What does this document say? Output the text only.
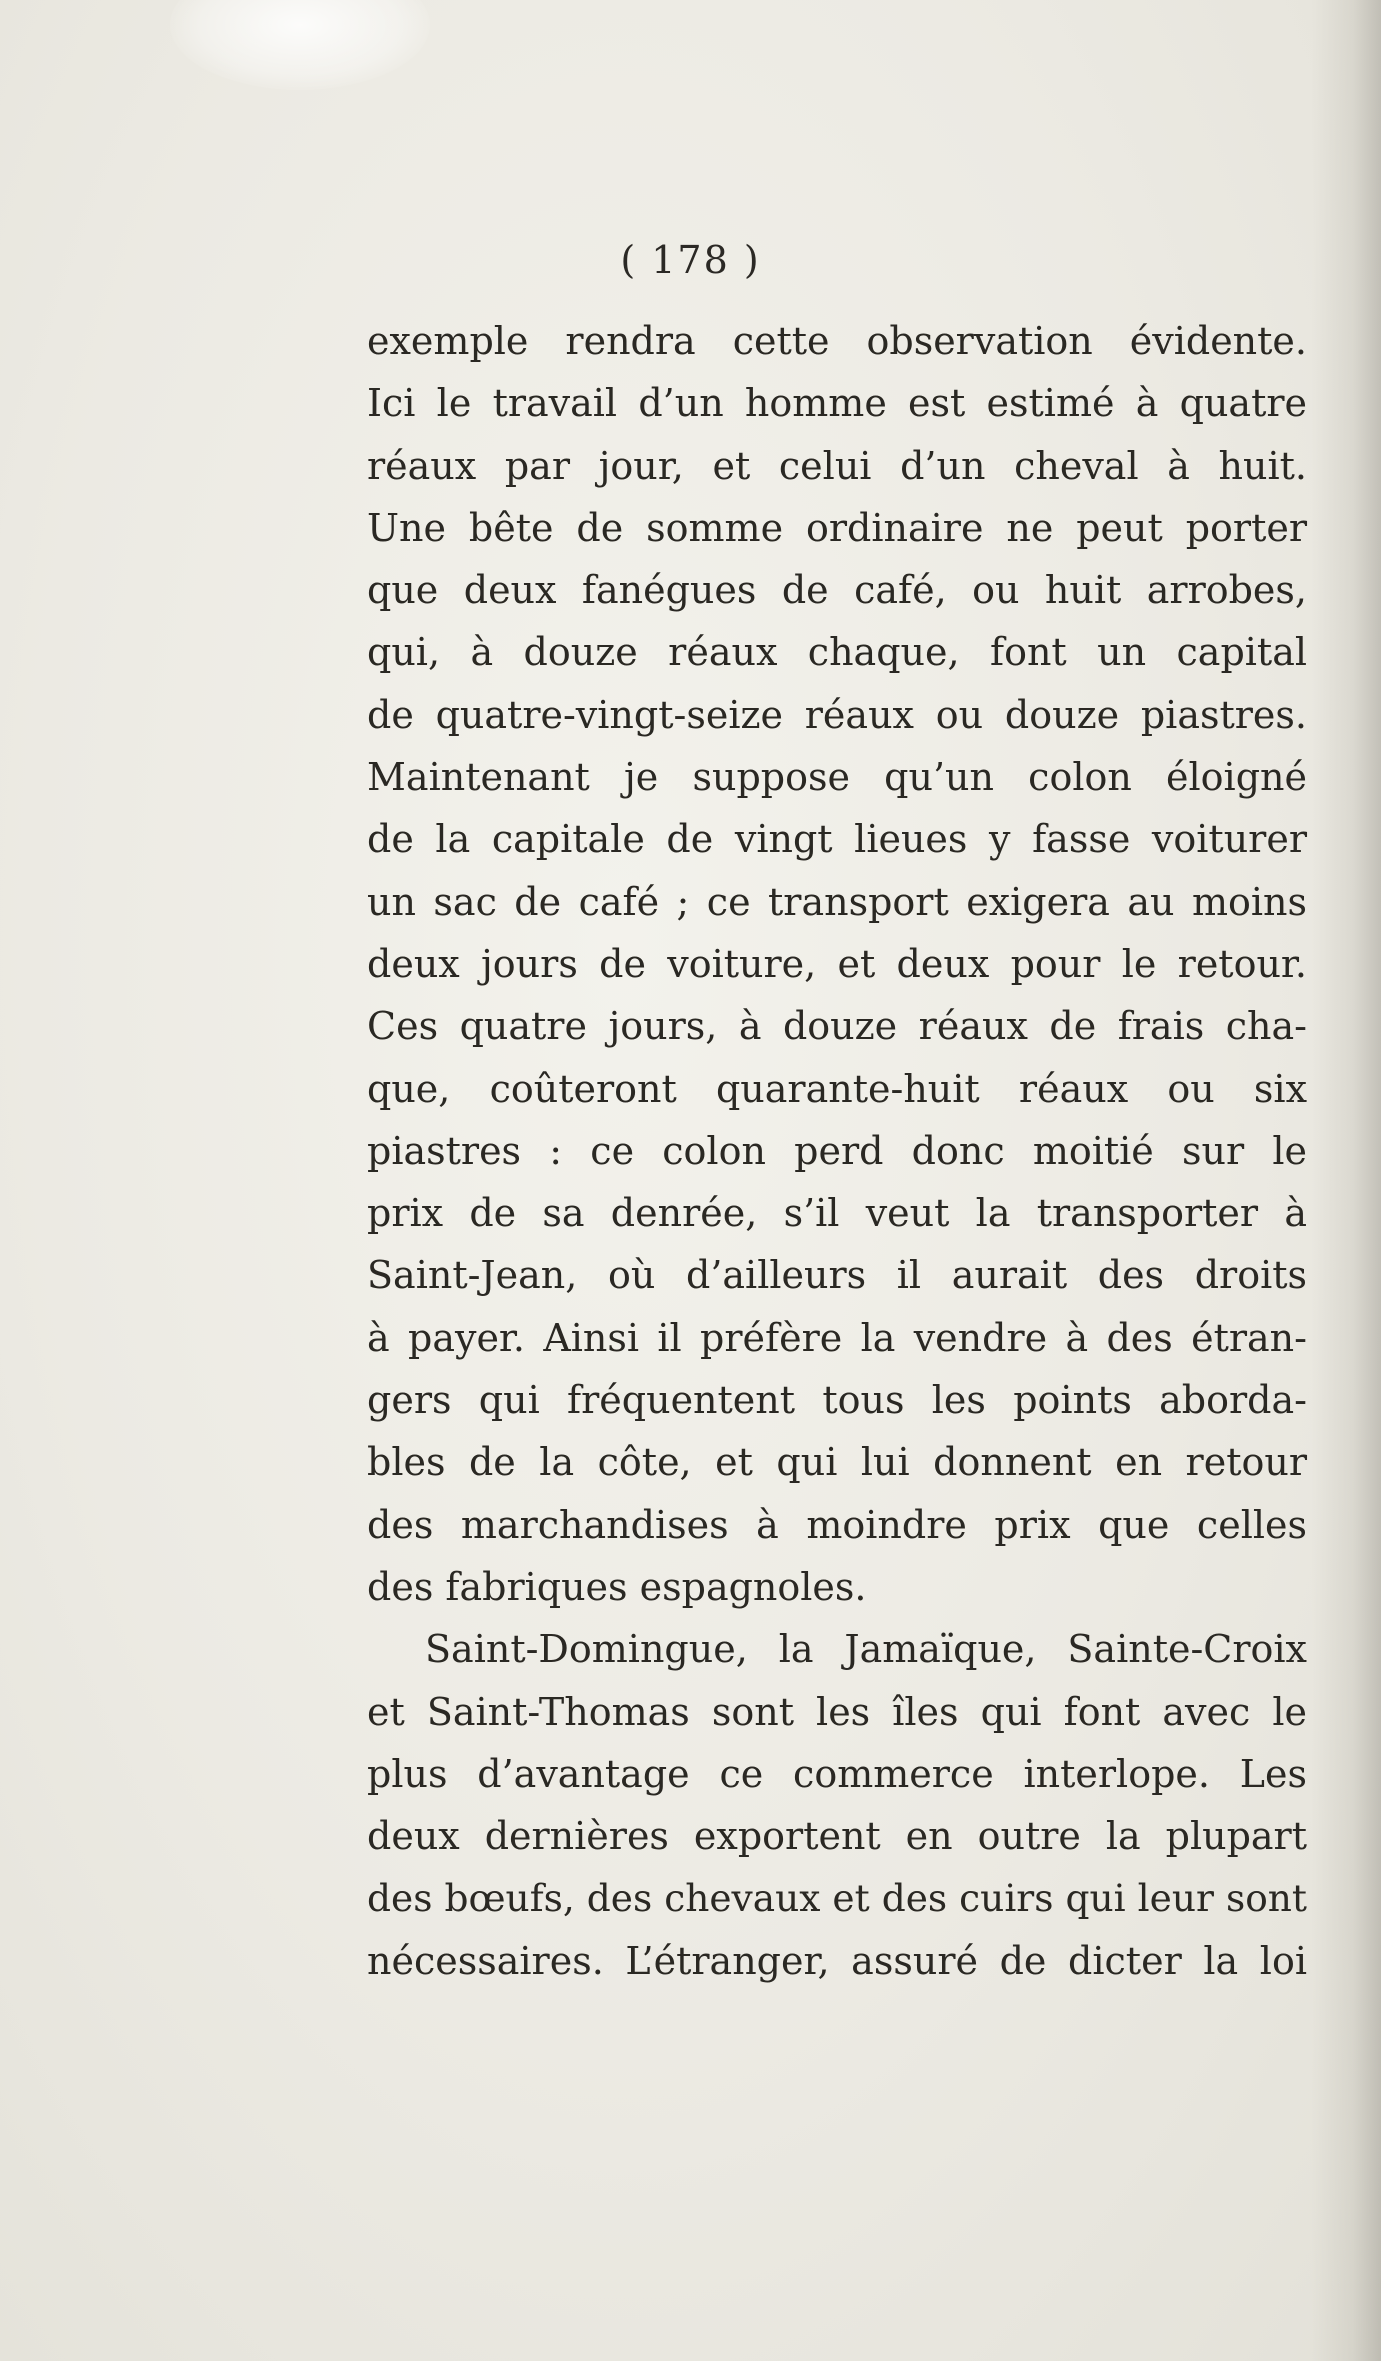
( 178 )
exemple rendra cette observation évidente.
Ici le travail d’un homme est estimé à quatre
réaux par jour, et celui d’un cheval à huit.
Une bête de somme ordinaire ne peut porter
que deux fanégues de café, ou huit arrobes,
qui, à douze réaux chaque, font un capital
de quatre-vingt-seize réaux ou douze piastres.
Maintenant je suppose qu’un colon éloigné
de la capitale de vingt lieues y fasse voiturer
un sac de café ; ce transport exigera au moins
deux jours de voiture, et deux pour le retour.
Ces quatre jours, à douze réaux de frais cha-
que, coûteront quarante-huit réaux ou six
piastres : ce colon perd donc moitié sur le
prix de sa denrée, s’il veut la transporter à
Saint-Jean, où d’ailleurs il aurait des droits
à payer. Ainsi il préfère la vendre à des étran-
gers qui fréquentent tous les points aborda-
bles de la côte, et qui lui donnent en retour
des marchandises à moindre prix que celles
des fabriques espagnoles.
Saint-Domingue, la Jamaïque, Sainte-Croix
et Saint-Thomas sont les îles qui font avec le
plus d’avantage ce commerce interlope. Les
deux dernières exportent en outre la plupart
des bœufs, des chevaux et des cuirs qui leur sont
nécessaires. L’étranger, assuré de dicter la loi
